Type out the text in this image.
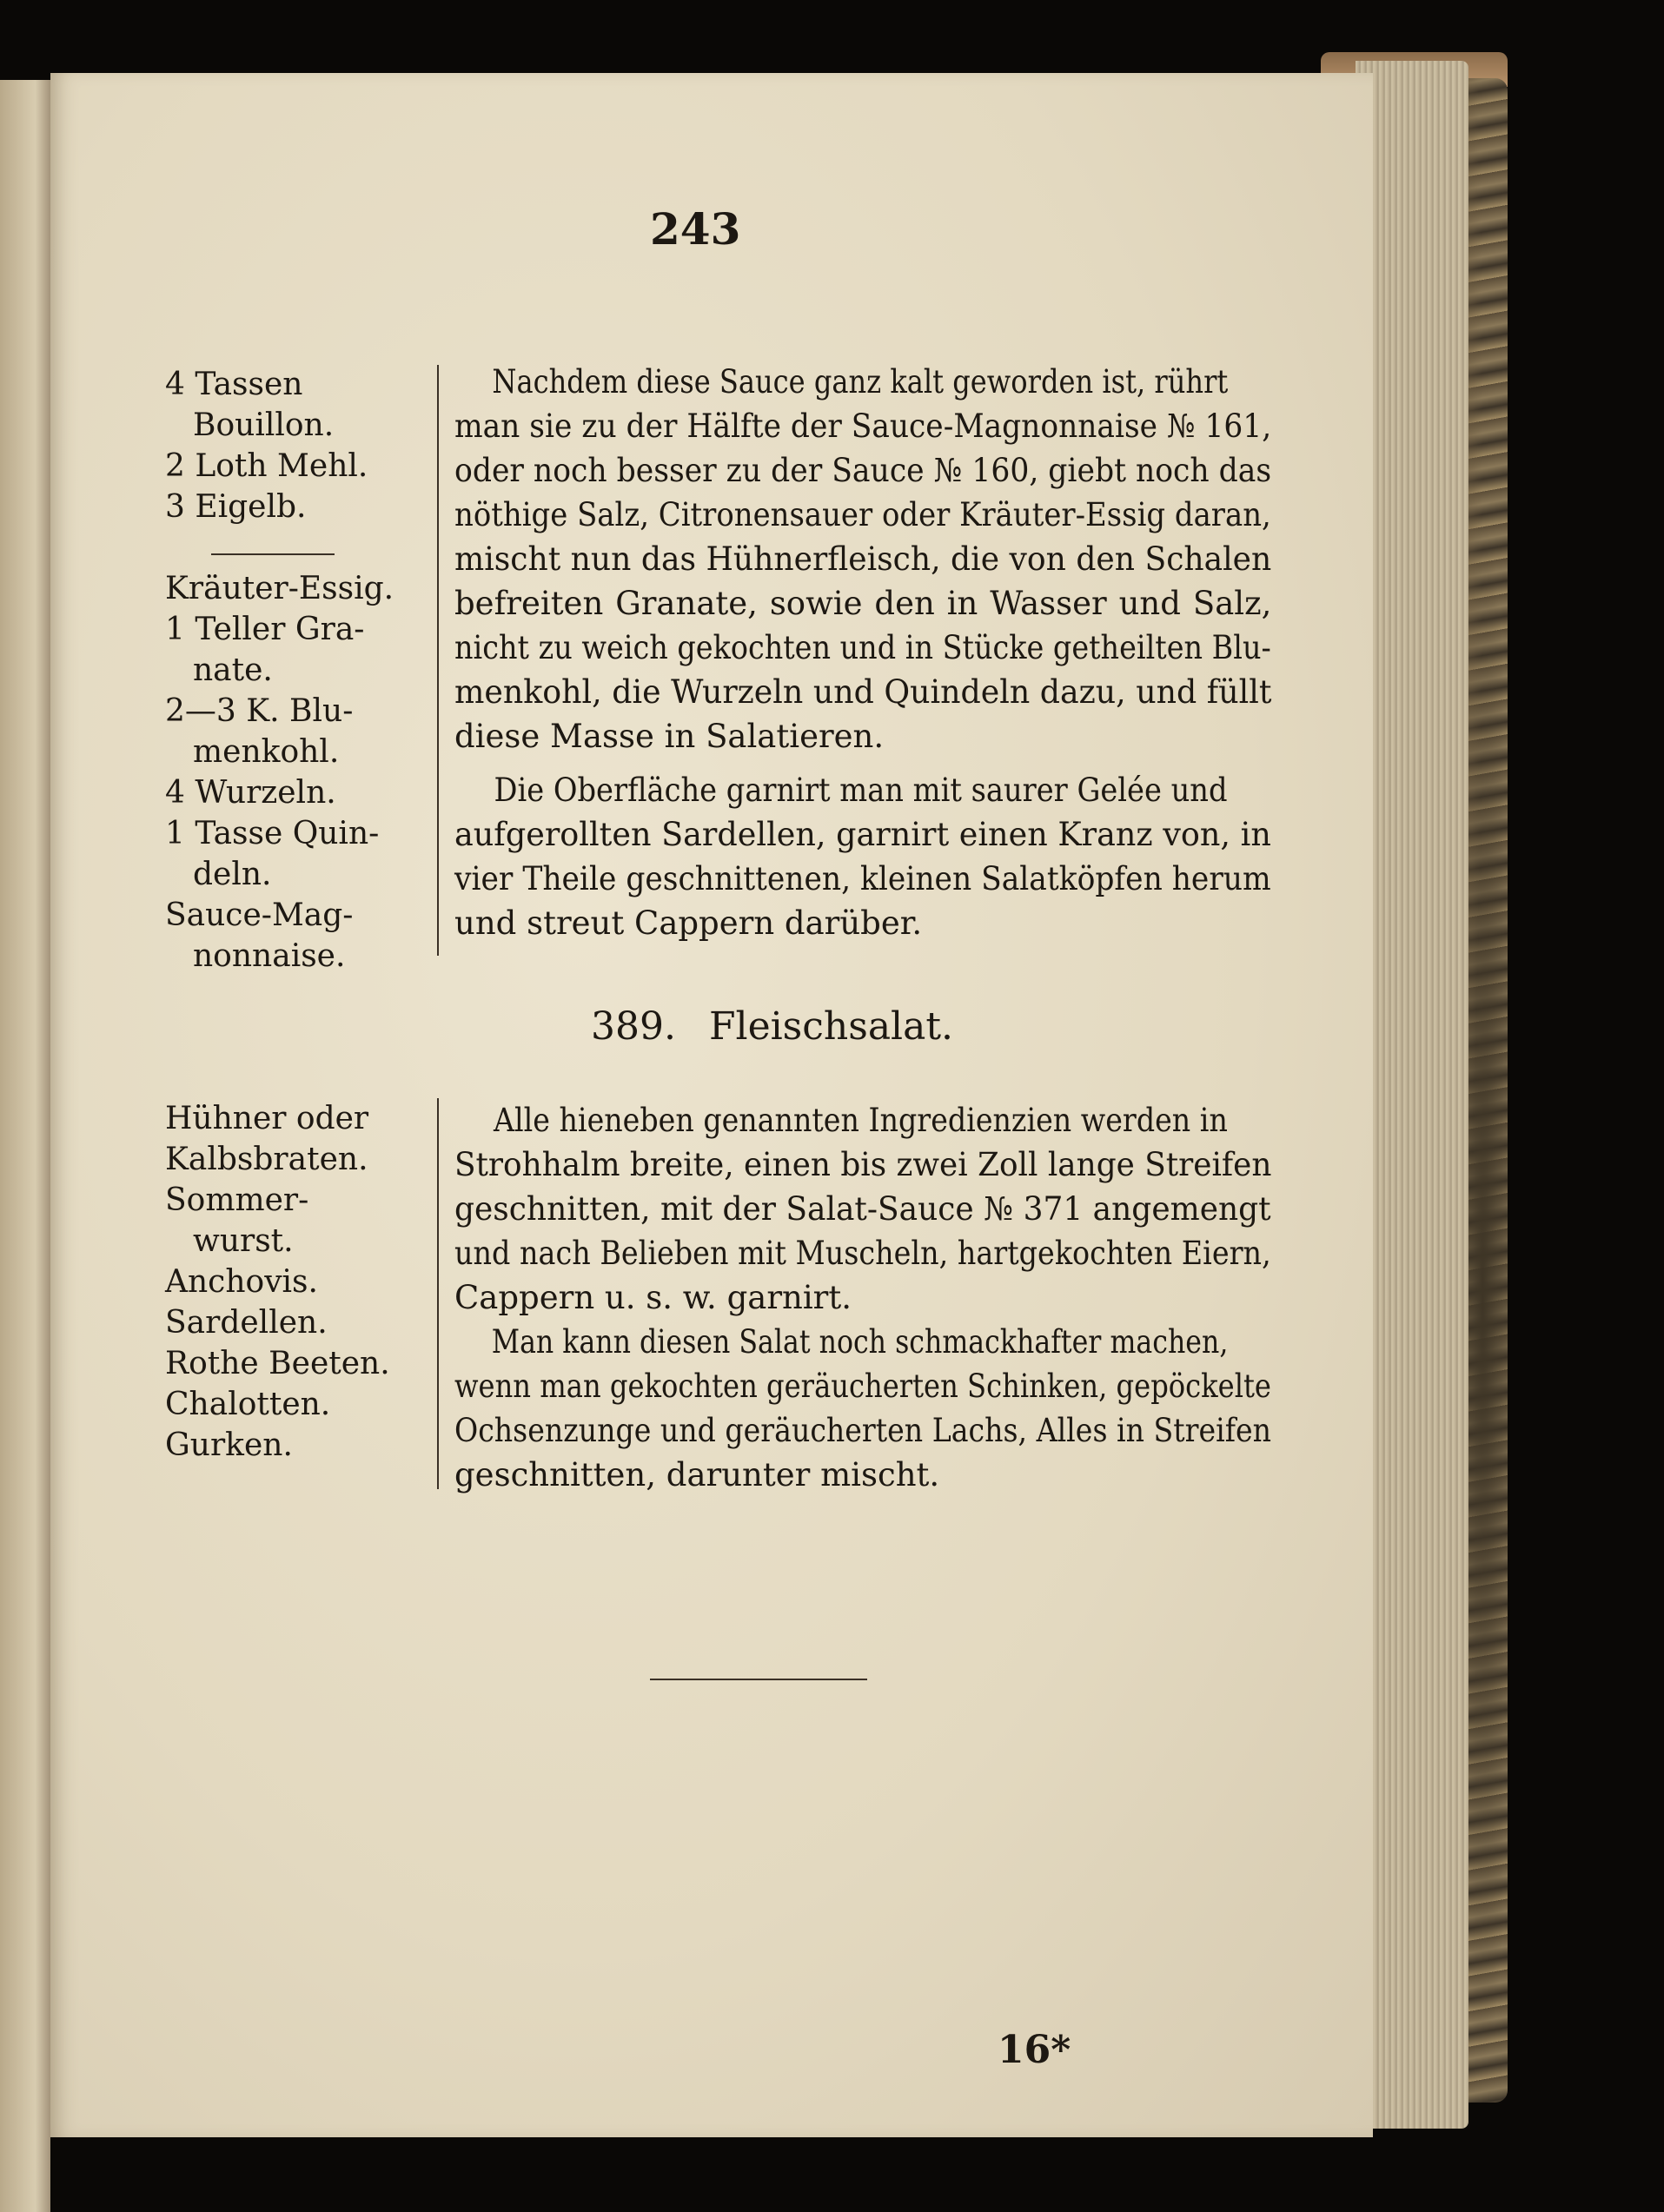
243
4 Tassen
Bouillon.
2 Loth Mehl.
3 Eigelb.
Kräuter-Essig.
1 Teller Gra-
nate.
2—3 K. Blu-
menkohl.
4 Wurzeln.
1 Tasse Quin-
deln.
Sauce-Mag-
nonnaise.
Hühner oder
Kalbsbraten.
Sommer-
wurst.
Anchovis.
Sardellen.
Rothe Beeten.
Chalotten.
Gurken.
Nachdem diese Sauce ganz kalt geworden ist, rührt
man sie zu der Hälfte der Sauce-Magnonnaise № 161,
oder noch besser zu der Sauce № 160, giebt noch das
nöthige Salz, Citronensauer oder Kräuter-Essig daran,
mischt nun das Hühnerfleisch, die von den Schalen
befreiten Granate, sowie den in Wasser und Salz,
nicht zu weich gekochten und in Stücke getheilten Blu-
menkohl, die Wurzeln und Quindeln dazu, und füllt
diese Masse in Salatieren.
Die Oberfläche garnirt man mit saurer Gelée und
aufgerollten Sardellen, garnirt einen Kranz von, in
vier Theile geschnittenen, kleinen Salatköpfen herum
und streut Cappern darüber.
389. Fleischsalat.
Alle hieneben genannten Ingredienzien werden in
Strohhalm breite, einen bis zwei Zoll lange Streifen
geschnitten, mit der Salat-Sauce № 371 angemengt
und nach Belieben mit Muscheln, hartgekochten Eiern,
Cappern u. s. w. garnirt.
Man kann diesen Salat noch schmackhafter machen,
wenn man gekochten geräucherten Schinken, gepöckelte
Ochsenzunge und geräucherten Lachs, Alles in Streifen
geschnitten, darunter mischt.
16*
